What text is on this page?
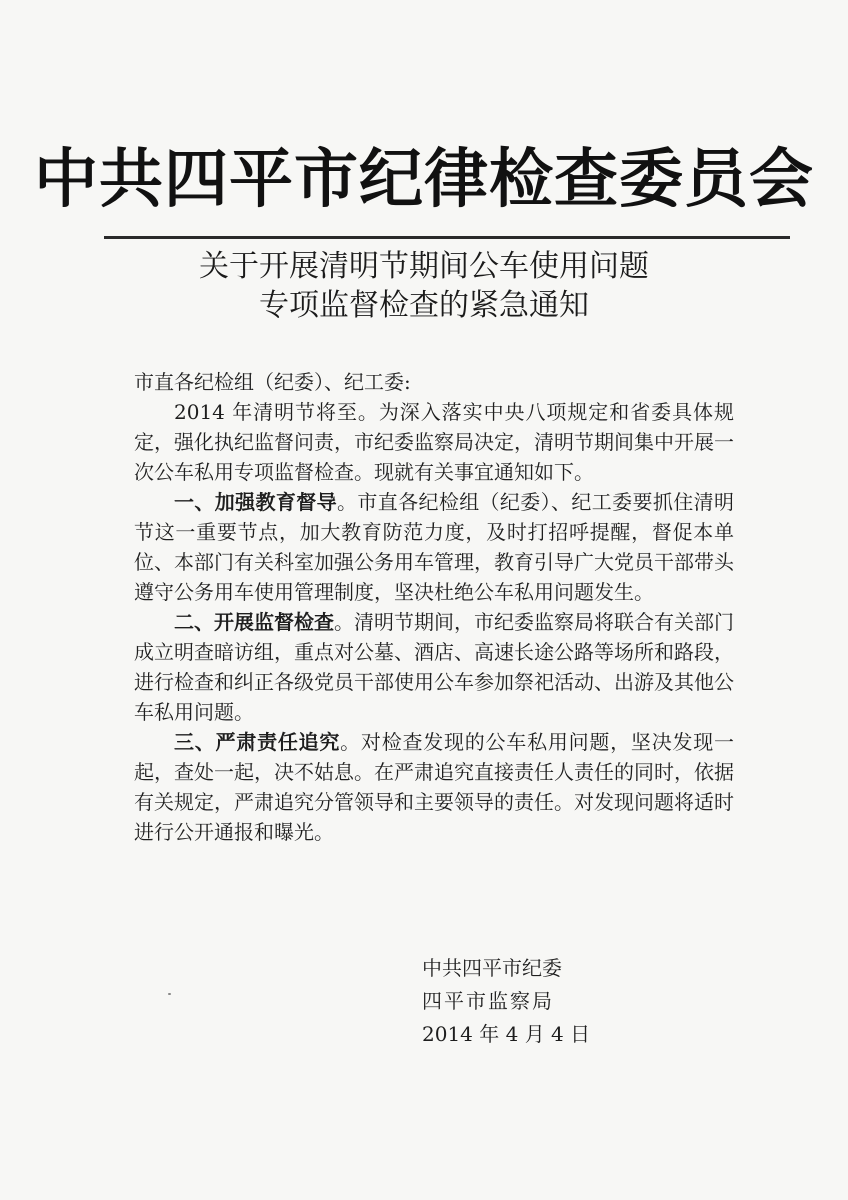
中共四平市纪律检查委员会
关于开展清明节期间公车使用问题
专项监督检查的紧急通知

市直各纪检组（纪委）、纪工委:

2014 年清明节将至。为深入落实中央八项规定和省委具体规定，强化执纪监督问责，市纪委监察局决定，清明节期间集中开展一次公车私用专项监督检查。现就有关事宜通知如下。

一、加强教育督导。市直各纪检组（纪委）、纪工委要抓住清明节这一重要节点，加大教育防范力度，及时打招呼提醒，督促本单位、本部门有关科室加强公务用车管理，教育引导广大党员干部带头遵守公务用车使用管理制度，坚决杜绝公车私用问题发生。

二、开展监督检查。清明节期间，市纪委监察局将联合有关部门成立明查暗访组，重点对公墓、酒店、高速长途公路等场所和路段，进行检查和纠正各级党员干部使用公车参加祭祀活动、出游及其他公车私用问题。

三、严肃责任追究。对检查发现的公车私用问题，坚决发现一起，查处一起，决不姑息。在严肃追究直接责任人责任的同时，依据有关规定，严肃追究分管领导和主要领导的责任。对发现问题将适时进行公开通报和曝光。

中共四平市纪委
四平市监察局
2014 年 4 月 4 日
